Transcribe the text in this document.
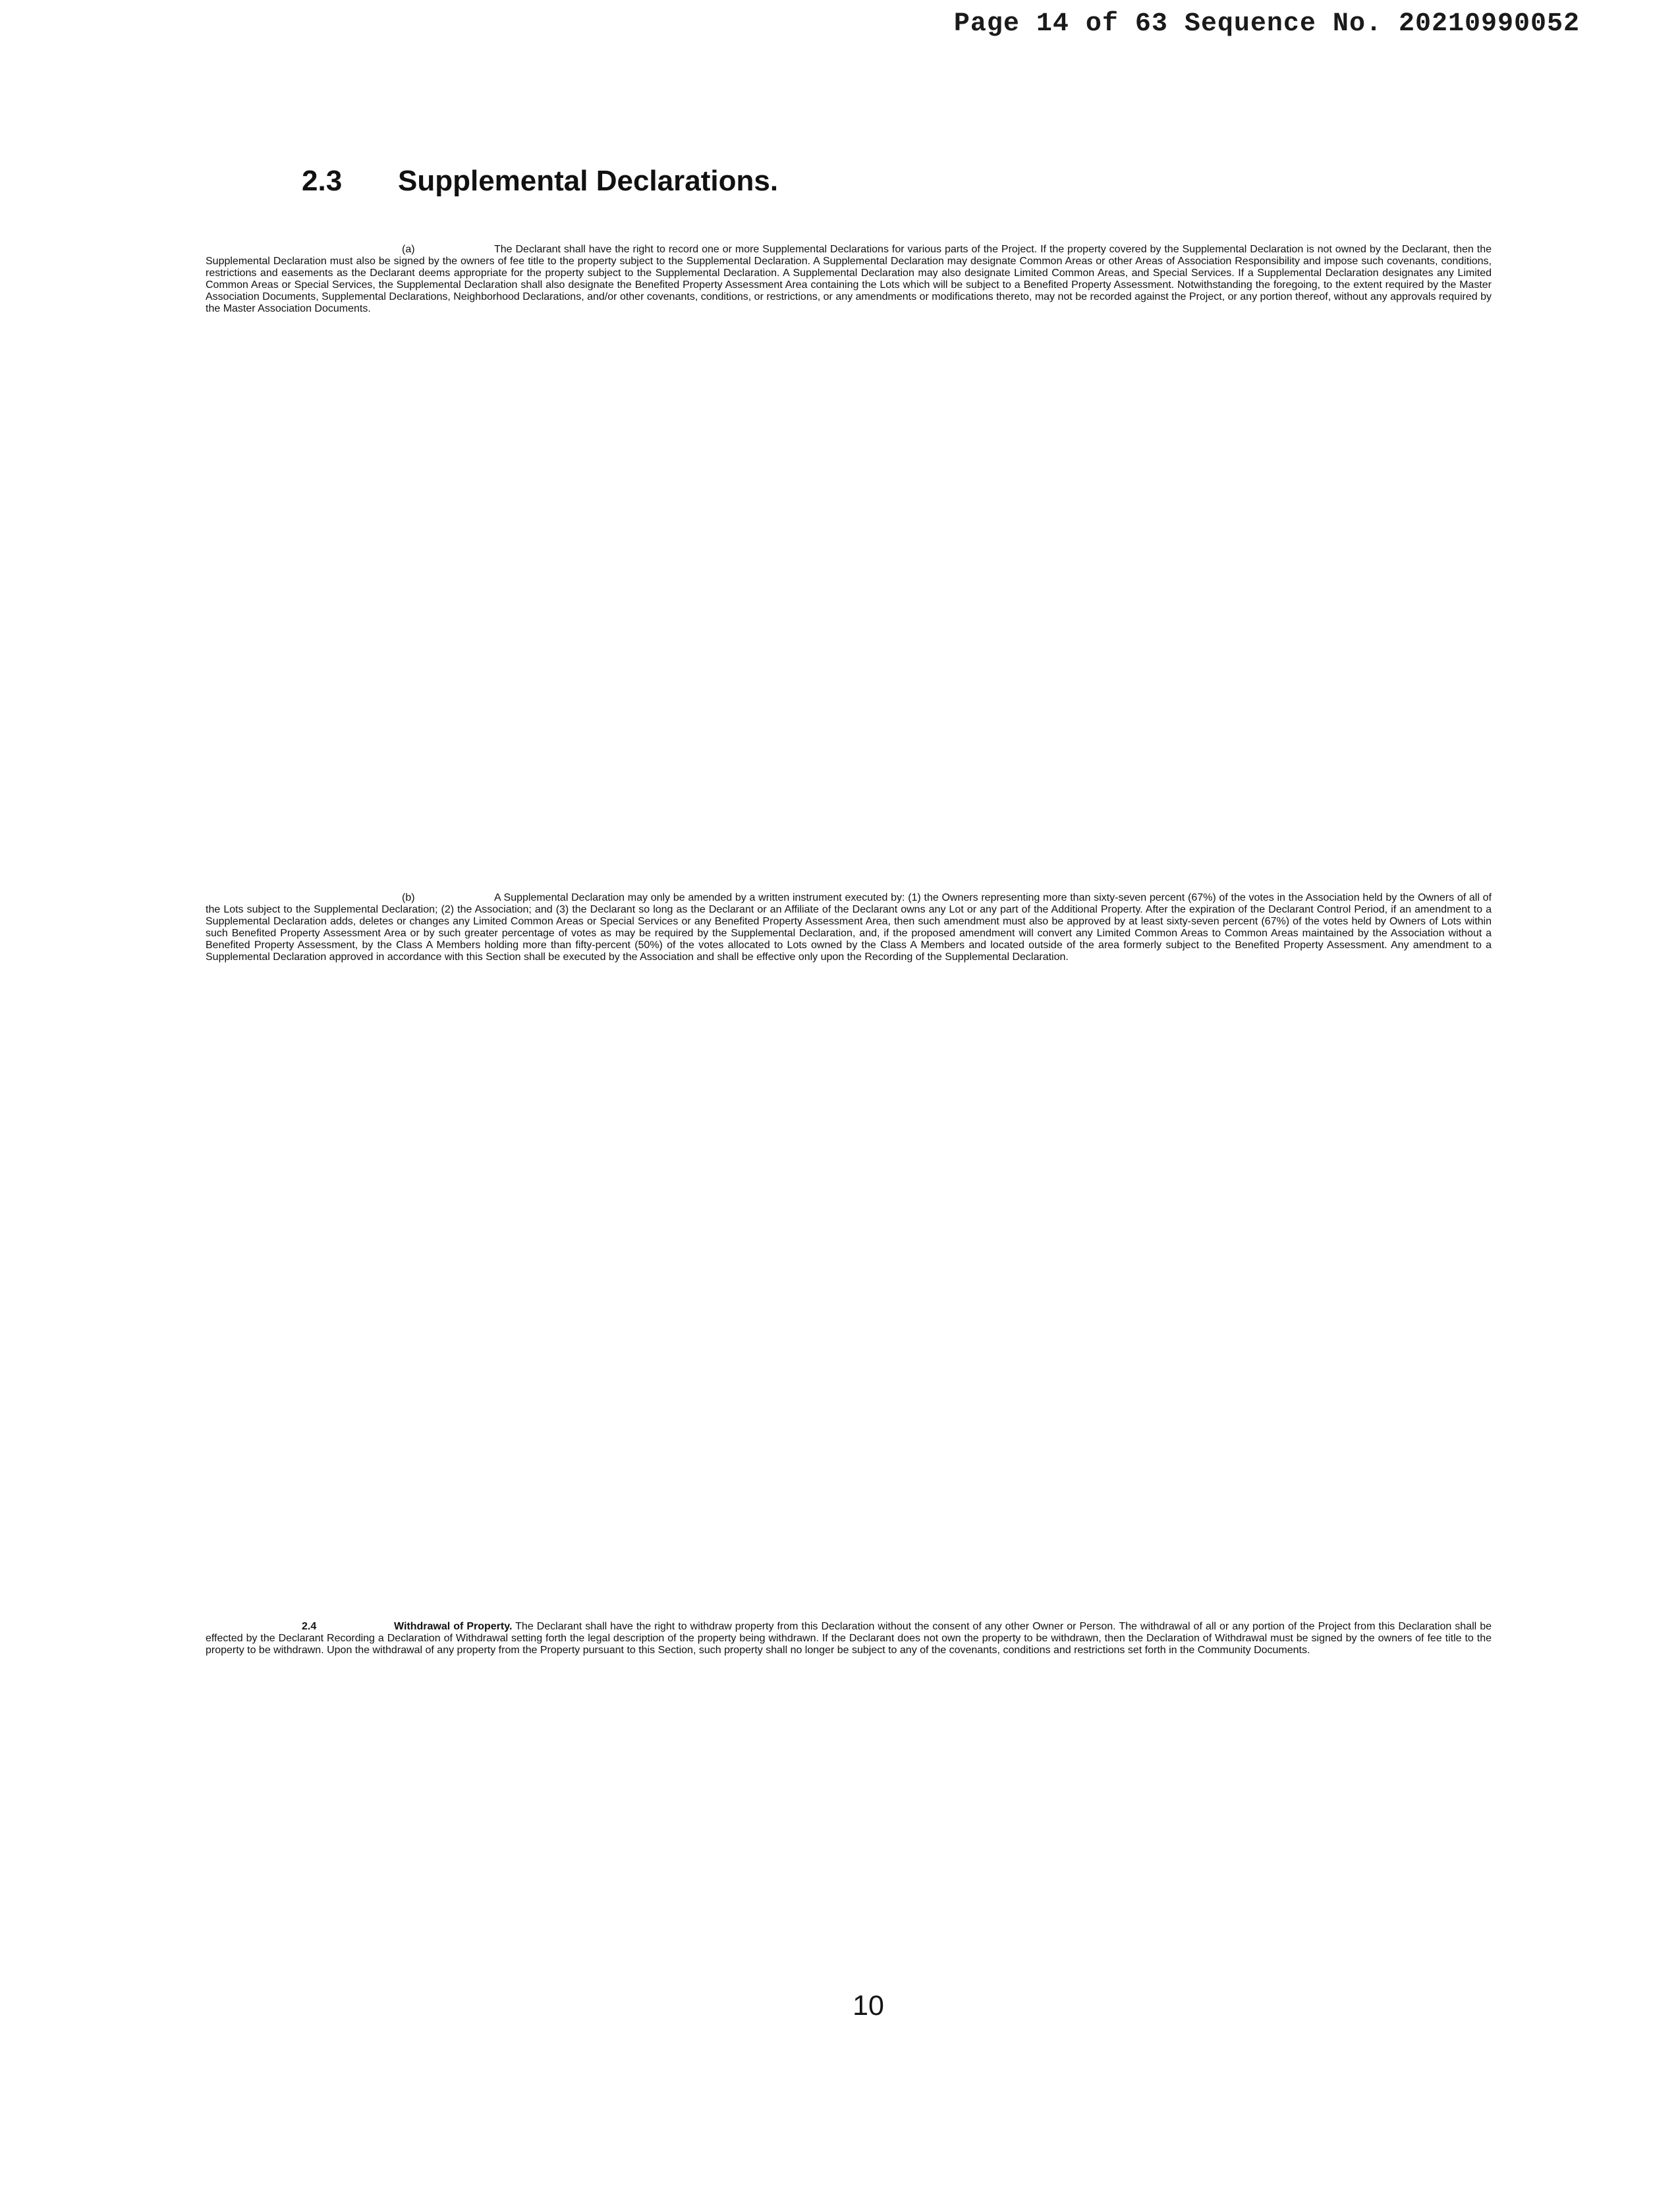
Page 14 of 63 Sequence No. 20210990052
2.3 Supplemental Declarations.

(a)	The Declarant shall have the right to record one or more Supplemental Declarations for various parts of the Project. If the property covered by the Supplemental Declaration is not owned by the Declarant, then the Supplemental Declaration must also be signed by the owners of fee title to the property subject to the Supplemental Declaration. A Supplemental Declaration may designate Common Areas or other Areas of Association Responsibility and impose such covenants, conditions, restrictions and easements as the Declarant deems appropriate for the property subject to the Supplemental Declaration. A Supplemental Declaration may also designate Limited Common Areas, and Special Services. If a Supplemental Declaration designates any Limited Common Areas or Special Services, the Supplemental Declaration shall also designate the Benefited Property Assessment Area containing the Lots which will be subject to a Benefited Property Assessment. Notwithstanding the foregoing, to the extent required by the Master Association Documents, Supplemental Declarations, Neighborhood Declarations, and/or other covenants, conditions, or restrictions, or any amendments or modifications thereto, may not be recorded against the Project, or any portion thereof, without any approvals required by the Master Association Documents.

(b)	A Supplemental Declaration may only be amended by a written instrument executed by: (1) the Owners representing more than sixty-seven percent (67%) of the votes in the Association held by the Owners of all of the Lots subject to the Supplemental Declaration; (2) the Association; and (3) the Declarant so long as the Declarant or an Affiliate of the Declarant owns any Lot or any part of the Additional Property. After the expiration of the Declarant Control Period, if an amendment to a Supplemental Declaration adds, deletes or changes any Limited Common Areas or Special Services or any Benefited Property Assessment Area, then such amendment must also be approved by at least sixty-seven percent (67%) of the votes held by Owners of Lots within such Benefited Property Assessment Area or by such greater percentage of votes as may be required by the Supplemental Declaration, and, if the proposed amendment will convert any Limited Common Areas to Common Areas maintained by the Association without a Benefited Property Assessment, by the Class A Members holding more than fifty-percent (50%) of the votes allocated to Lots owned by the Class A Members and located outside of the area formerly subject to the Benefited Property Assessment. Any amendment to a Supplemental Declaration approved in accordance with this Section shall be executed by the Association and shall be effective only upon the Recording of the Supplemental Declaration.

2.4	Withdrawal of Property. The Declarant shall have the right to withdraw property from this Declaration without the consent of any other Owner or Person. The withdrawal of all or any portion of the Project from this Declaration shall be effected by the Declarant Recording a Declaration of Withdrawal setting forth the legal description of the property being withdrawn. If the Declarant does not own the property to be withdrawn, then the Declaration of Withdrawal must be signed by the owners of fee title to the property to be withdrawn. Upon the withdrawal of any property from the Property pursuant to this Section, such property shall no longer be subject to any of the covenants, conditions and restrictions set forth in the Community Documents.

10
